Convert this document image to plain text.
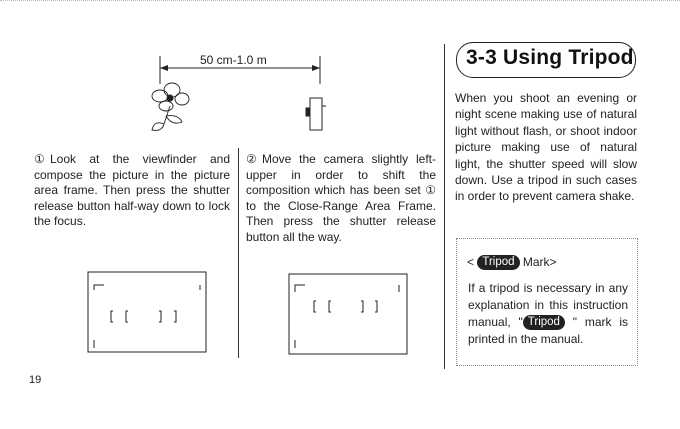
50 cm-1.0 m
① Look at the viewfinder and compose the picture in the picture area frame. Then press the shutter release button half-way down to lock the focus.
② Move the camera slightly left-upper in order to shift the composition which has been set ① to the Close-Range Area Frame. Then press the shutter release button all the way.
3-3 Using Tripod
When you shoot an evening or night scene making use of natural light without flash, or shoot indoor picture making use of natural light, the shutter speed will slow down. Use a tripod in such cases in order to prevent camera shake.
< Tripod Mark>
If a tripod is necessary in any explanation in this instruction manual, " Tripod " mark is printed in the manual.
19
